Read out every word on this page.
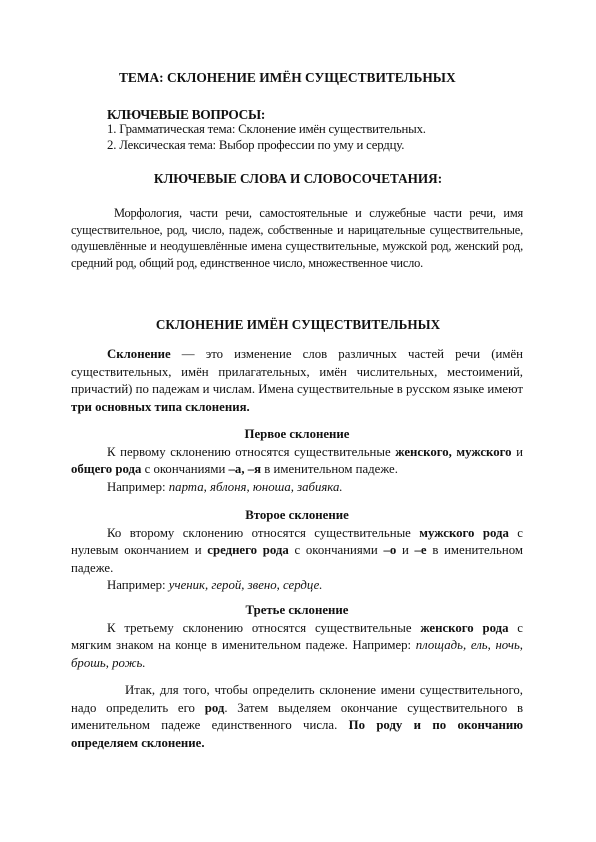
ТЕМА: СКЛОНЕНИЕ ИМЁН СУЩЕСТВИТЕЛЬНЫХ
КЛЮЧЕВЫЕ ВОПРОСЫ:
1. Грамматическая тема: Склонение имён существительных.
2. Лексическая тема: Выбор профессии по уму и сердцу.
КЛЮЧЕВЫЕ СЛОВА И СЛОВОСОЧЕТАНИЯ:

Морфология, части речи, самостоятельные и служебные части речи, имя существительное, род, число, падеж, собственные и нарицательные существительные, одушевлённые и неодушевлённые имена существительные, мужской род, женский род, средний род, общий род, единственное число, множественное число.

СКЛОНЕНИЕ ИМЁН СУЩЕСТВИТЕЛЬНЫХ

Склонение — это изменение слов различных частей речи (имён существительных, имён прилагательных, имён числительных, местоимений, причастий) по падежам и числам. Имена существительные в русском языке имеют три основных типа склонения.

Первое склонение

К первому склонению относятся существительные женского, мужского и общего рода с окончаниями –а, –я в именительном падеже.

Например: парта, яблоня, юноша, забияка.

Второе склонение

Ко второму склонению относятся существительные мужского рода с нулевым окончанием и среднего рода с окончаниями –о и –е в именительном падеже.

Например: ученик, герой, звено, сердце.

Третье склонение

К третьему склонению относятся существительные женского рода с мягким знаком на конце в именительном падеже. Например: площадь, ель, ночь, брошь, рожь.

Итак, для того, чтобы определить склонение имени существительного, надо определить его род. Затем выделяем окончание существительного в именительном падеже единственного числа. По роду и по окончанию определяем склонение.
